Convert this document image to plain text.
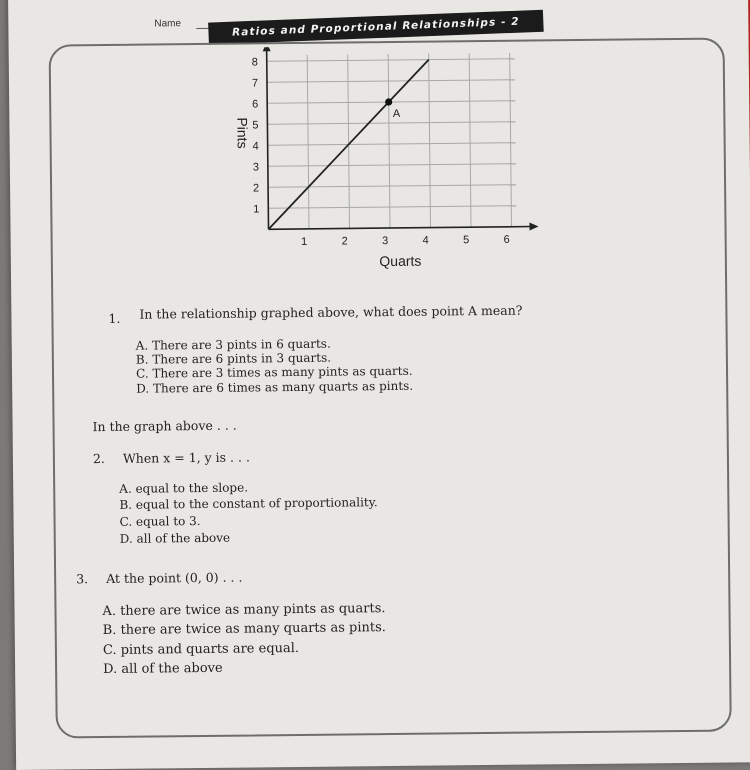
Name	Ratios and Proportional Relationships - 2
1	2	3	4	5	6
1
2
3
4
5
6
7
8
Quarts
Pints
A
1. In the relationship graphed above, what does point A mean?
A. There are 3 pints in 6 quarts.
B. There are 6 pints in 3 quarts.
C. There are 3 times as many pints as quarts.
D. There are 6 times as many quarts as pints.
In the graph above . . .
2. When x = 1, y is . . .
A. equal to the slope.
B. equal to the constant of proportionality.
C. equal to 3.
D. all of the above
3. At the point (0, 0) . . .
A. there are twice as many pints as quarts.
B. there are twice as many quarts as pints.
C. pints and quarts are equal.
D. all of the above
